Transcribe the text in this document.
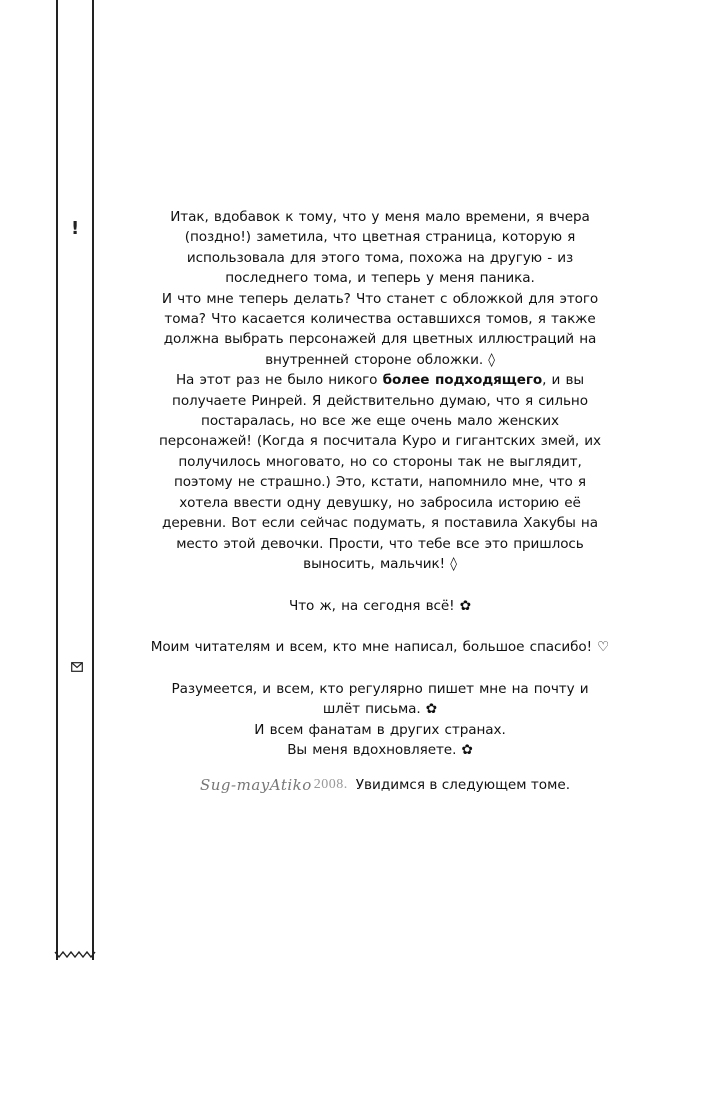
!
Итак, вдобавок к тому, что у меня мало времени, я вчера
(поздно!) заметила, что цветная страница, которую я
использовала для этого тома, похожа на другую - из
последнего тома, и теперь у меня паника.
И что мне теперь делать? Что станет с обложкой для этого
тома? Что касается количества оставшихся томов, я также
должна выбрать персонажей для цветных иллюстраций на
внутренней стороне обложки. ◊
На этот раз не было никого более подходящего, и вы
получаете Ринрей. Я действительно думаю, что я сильно
постаралась, но все же еще очень мало женских
персонажей! (Когда я посчитала Куро и гигантских змей, их
получилось многовато, но со стороны так не выглядит,
поэтому не страшно.) Это, кстати, напомнило мне, что я
хотела ввести одну девушку, но забросила историю её
деревни. Вот если сейчас подумать, я поставила Хакубы на
место этой девочки. Прости, что тебе все это пришлось
выносить, мальчик! ◊
Что ж, на сегодня всё! ✿
Моим читателям и всем, кто мне написал, большое спасибо! ♡
Разумеется, и всем, кто регулярно пишет мне на почту и
шлёт письма. ✿
И всем фанатам в других странах.
Вы меня вдохновляете. ✿
Sug-mayAtiko 2008. Увидимся в следующем томе.
